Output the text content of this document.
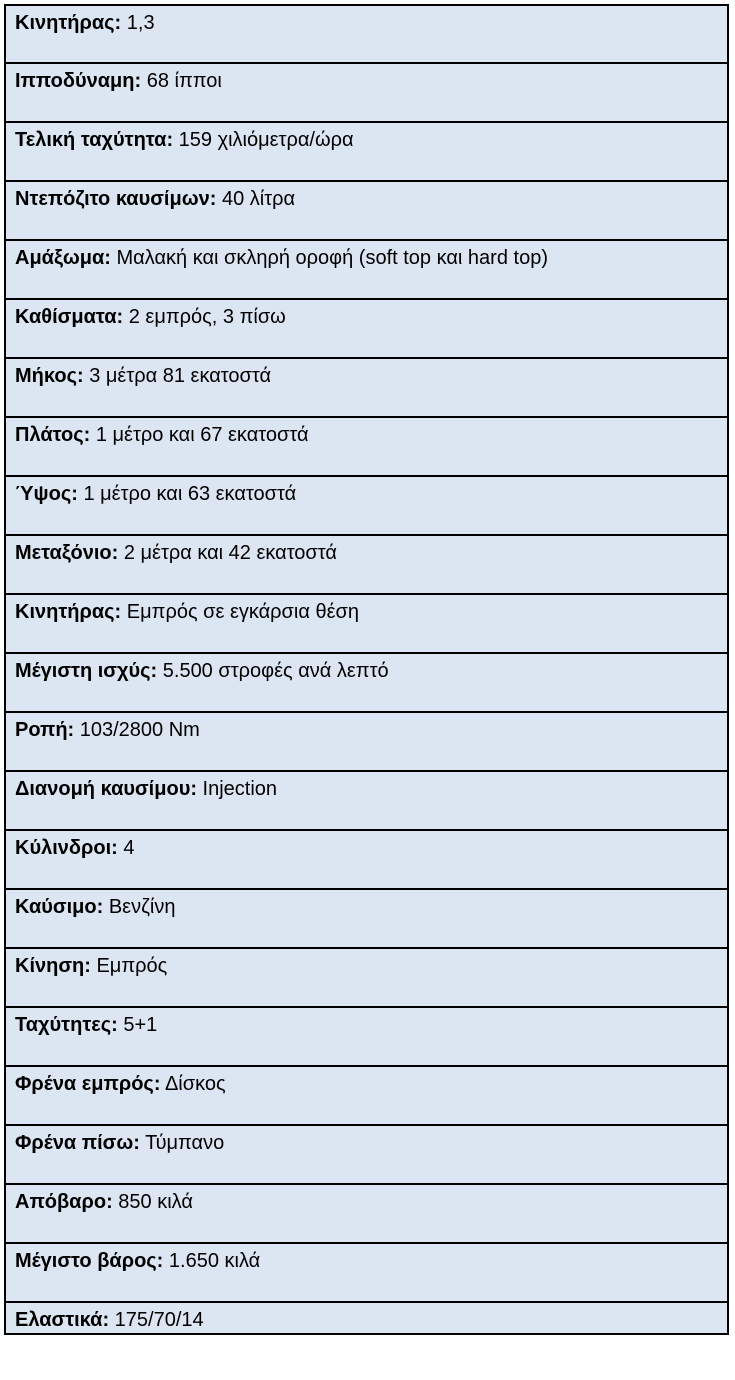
Κινητήρας: 1,3

Ιπποδύναμη: 68 ίπποι

Τελική ταχύτητα: 159 χιλιόμετρα/ώρα

Ντεπόζιτο καυσίμων: 40 λίτρα

Αμάξωμα: Μαλακή και σκληρή οροφή (soft top και hard top)

Καθίσματα: 2 εμπρός, 3 πίσω

Μήκος: 3 μέτρα 81 εκατοστά

Πλάτος: 1 μέτρο και 67 εκατοστά

Ύψος: 1 μέτρο και 63 εκατοστά

Μεταξόνιο: 2 μέτρα και 42 εκατοστά

Κινητήρας: Εμπρός σε εγκάρσια θέση

Μέγιστη ισχύς: 5.500 στροφές ανά λεπτό

Ροπή: 103/2800 Nm

Διανομή καυσίμου: Injection

Κύλινδροι: 4

Καύσιμο: Βενζίνη

Κίνηση: Εμπρός

Ταχύτητες: 5+1

Φρένα εμπρός: Δίσκος

Φρένα πίσω: Τύμπανο

Απόβαρο: 850 κιλά

Μέγιστο βάρος: 1.650 κιλά

Ελαστικά: 175/70/14
